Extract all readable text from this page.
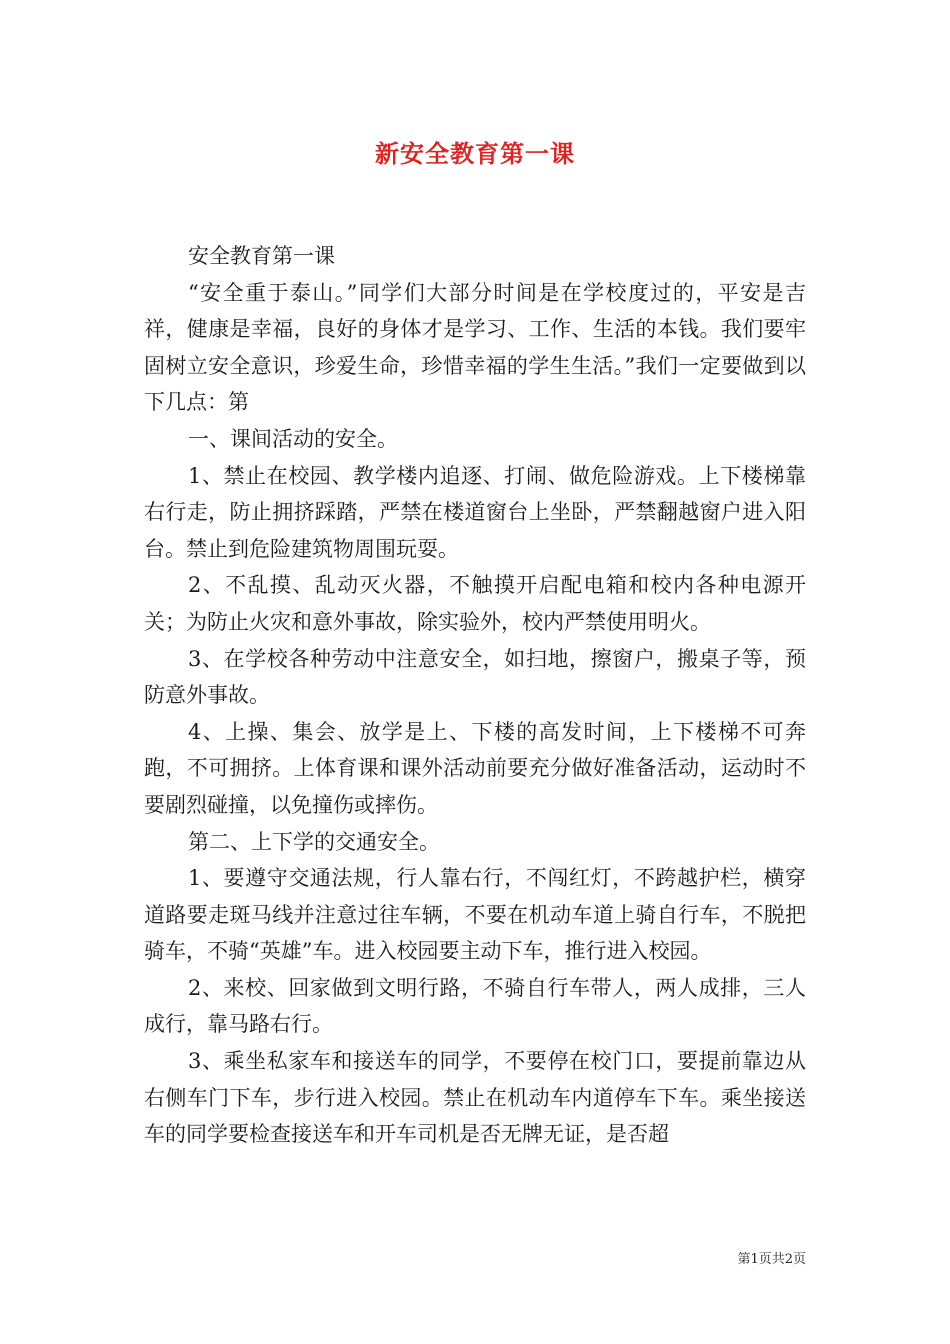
新安全教育第一课

安全教育第一课

“安全重于泰山。”同学们大部分时间是在学校度过的，平安是吉祥，健康是幸福，良好的身体才是学习、工作、生活的本钱。我们要牢固树立安全意识，珍爱生命，珍惜幸福的学生生活。”我们一定要做到以下几点：第

一、课间活动的安全。

1、禁止在校园、教学楼内追逐、打闹、做危险游戏。上下楼梯靠右行走，防止拥挤踩踏，严禁在楼道窗台上坐卧，严禁翻越窗户进入阳台。禁止到危险建筑物周围玩耍。

2、不乱摸、乱动灭火器，不触摸开启配电箱和校内各种电源开关；为防止火灾和意外事故，除实验外，校内严禁使用明火。

3、在学校各种劳动中注意安全，如扫地，擦窗户，搬桌子等，预防意外事故。

4、上操、集会、放学是上、下楼的高发时间，上下楼梯不可奔跑，不可拥挤。上体育课和课外活动前要充分做好准备活动，运动时不要剧烈碰撞，以免撞伤或摔伤。

第二、上下学的交通安全。

1、要遵守交通法规，行人靠右行，不闯红灯，不跨越护栏，横穿道路要走斑马线并注意过往车辆，不要在机动车道上骑自行车，不脱把骑车，不骑“英雄”车。进入校园要主动下车，推行进入校园。

2、来校、回家做到文明行路，不骑自行车带人，两人成排，三人成行，靠马路右行。

3、乘坐私家车和接送车的同学，不要停在校门口，要提前靠边从右侧车门下车，步行进入校园。禁止在机动车内道停车下车。乘坐接送车的同学要检查接送车和开车司机是否无牌无证，是否超

第1页共2页
